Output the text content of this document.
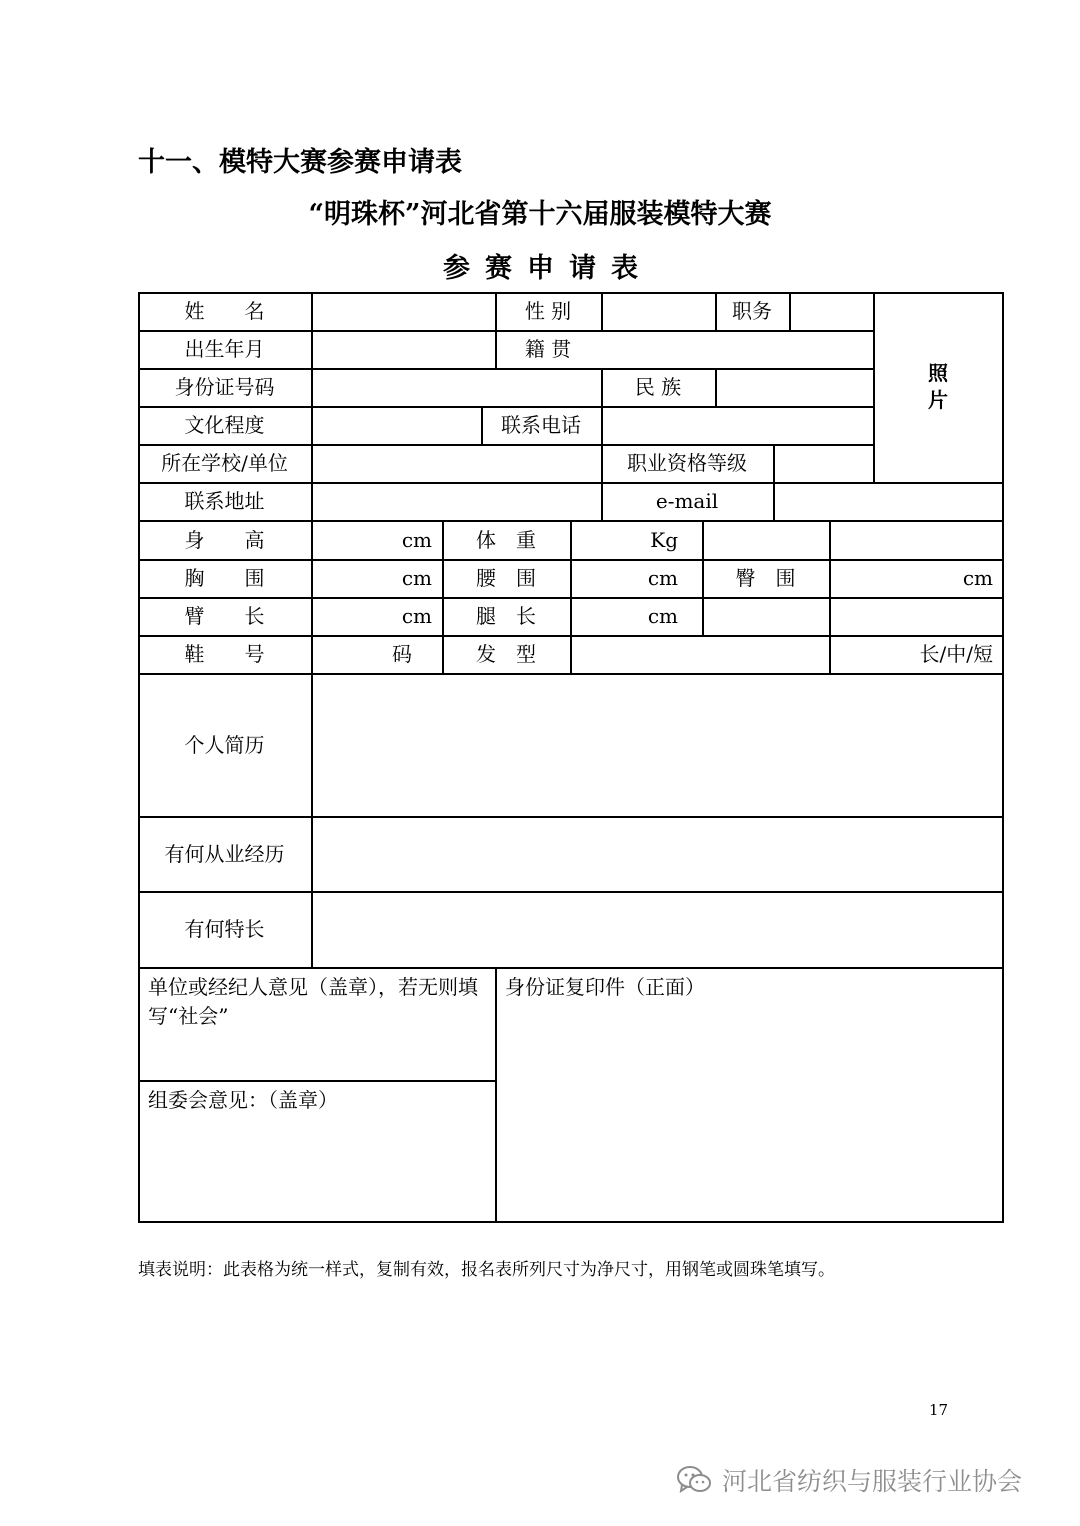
十一、模特大赛参赛申请表
“明珠杯”河北省第十六届服装模特大赛
参赛申请表
姓　　名	性 别	职务
照
片
出生年月	籍 贯
身份证号码	民 族
文化程度	联系电话
所在学校/单位	职业资格等级
联系地址	e-mail
身　　高	cm	体　重	Kg
胸　　围	cm	腰　围	cm	臀　围	cm
臂　　长	cm	腿　长	cm
鞋　　号	码	发　型	长/中/短
个人简历
有何从业经历
有何特长
单位或经纪人意见（盖章），若无则填写“社会”
身份证复印件（正面）
组委会意见：（盖章）
填表说明：此表格为统一样式，复制有效，报名表所列尺寸为净尺寸，用钢笔或圆珠笔填写。
17
河北省纺织与服装行业协会
